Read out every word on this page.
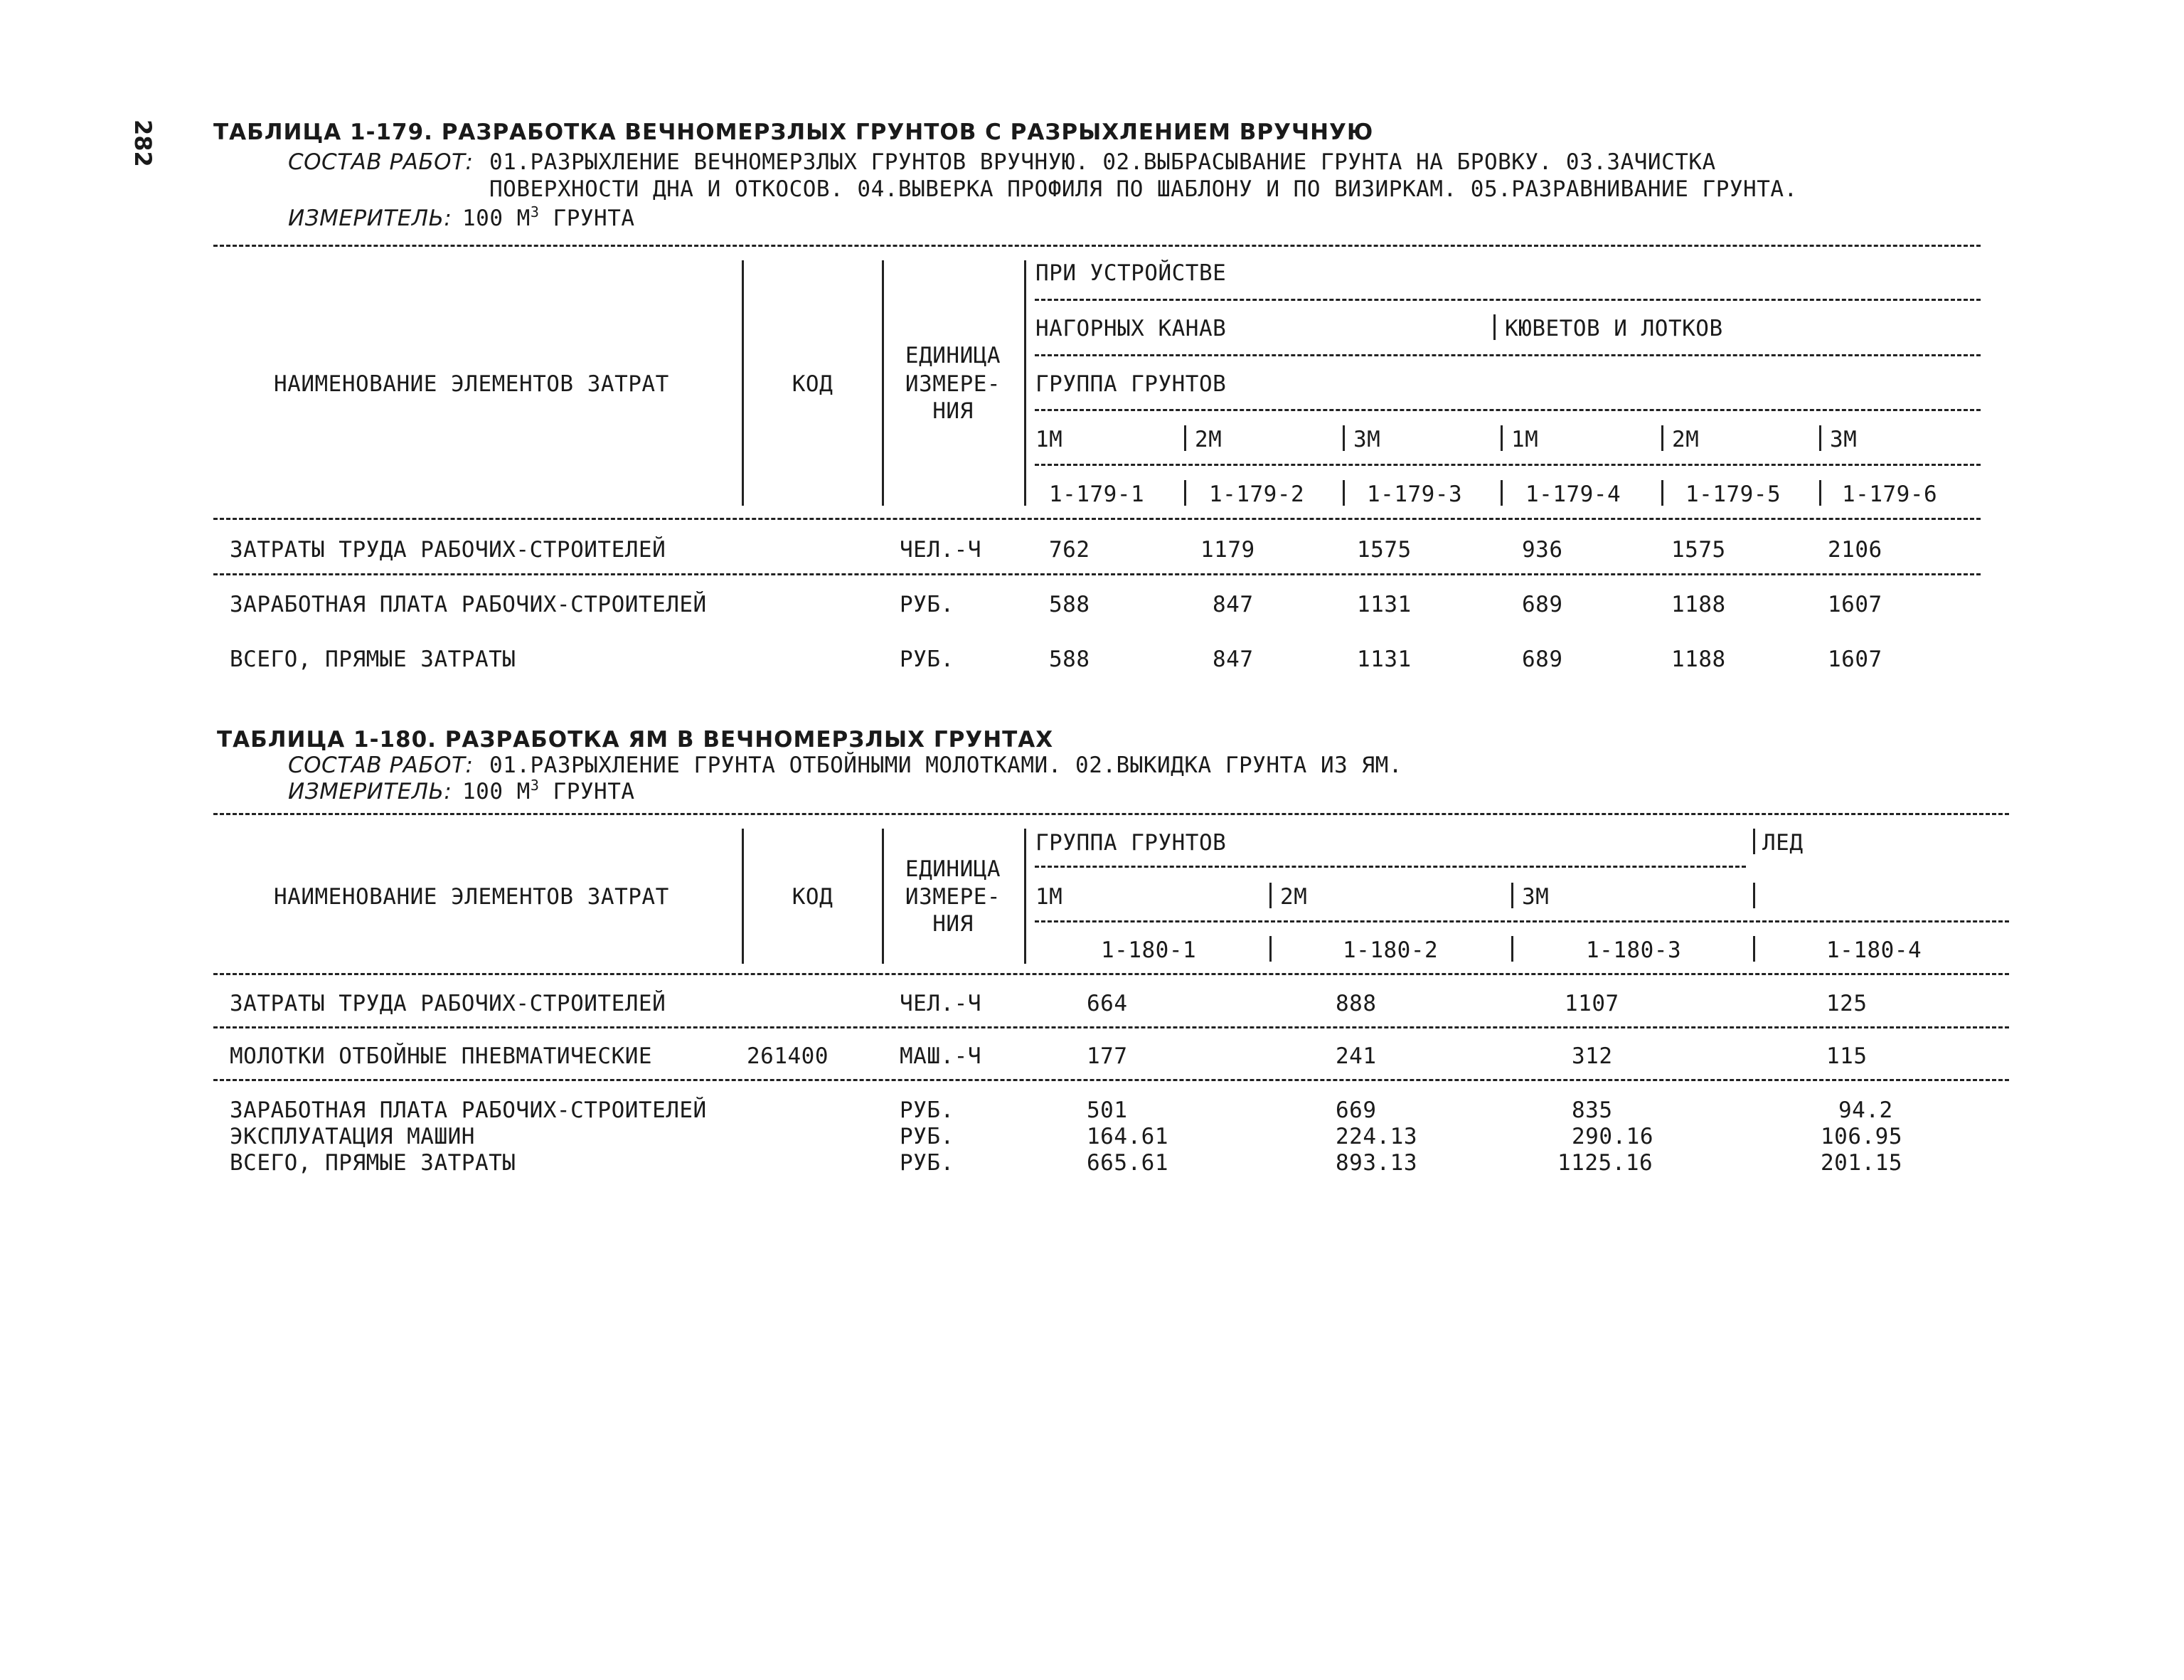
282	ТАБЛИЦА 1-179. РАЗРАБОТКА ВЕЧНОМЕРЗЛЫХ ГРУНТОВ С РАЗРЫХЛЕНИЕМ ВРУЧНУЮ
СОСТАВ РАБОТ: 01.РАЗРЫХЛЕНИЕ ВЕЧНОМЕРЗЛЫХ ГРУНТОВ ВРУЧНУЮ. 02.ВЫБРАСЫВАНИЕ ГРУНТА НА БРОВКУ. 03.ЗАЧИСТКА
ПОВЕРХНОСТИ ДНА И ОТКОСОВ. 04.ВЫВЕРКА ПРОФИЛЯ ПО ШАБЛОНУ И ПО ВИЗИРКАМ. 05.РАЗРАВНИВАНИЕ ГРУНТА.
ИЗМЕРИТЕЛЬ: 100 $М^3$ ГРУНТА
ПРИ УСТРОЙСТВЕ
НАГОРНЫХ КАНАВ	КЮВЕТОВ И ЛОТКОВ
ЕДИНИЦА
ИЗМЕРЕ-
НИЯ
НАИМЕНОВАНИЕ ЭЛЕМЕНТОВ ЗАТРАТ	КОД	ГРУППА ГРУНТОВ
1М	2М	3М	1М	2М	3М
1-179-1	1-179-2	1-179-3	1-179-4	1-179-5	1-179-6
ЗАТРАТЫ ТРУДА РАБОЧИХ-СТРОИТЕЛЕЙ	ЧЕЛ.-Ч	762	1179	1575	936	1575	2106
ЗАРАБОТНАЯ ПЛАТА РАБОЧИХ-СТРОИТЕЛЕЙ	РУБ.	588	847	1131	689	1188	1607
ВСЕГО, ПРЯМЫЕ ЗАТРАТЫ	РУБ.	588	847	1131	689	1188	1607
ТАБЛИЦА 1-180. РАЗРАБОТКА ЯМ В ВЕЧНОМЕРЗЛЫХ ГРУНТАХ
СОСТАВ РАБОТ: 01.РАЗРЫХЛЕНИЕ ГРУНТА ОТБОЙНЫМИ МОЛОТКАМИ. 02.ВЫКИДКА ГРУНТА ИЗ ЯМ.
ИЗМЕРИТЕЛЬ: 100 $М^3$ ГРУНТА
ГРУППА ГРУНТОВ	ЛЕД
ЕДИНИЦА
ИЗМЕРЕ-
НИЯ
НАИМЕНОВАНИЕ ЭЛЕМЕНТОВ ЗАТРАТ	КОД	1М	2М	3М
1-180-1	1-180-2	1-180-3	1-180-4
ЗАТРАТЫ ТРУДА РАБОЧИХ-СТРОИТЕЛЕЙ	ЧЕЛ.-Ч	664	888	1107	125
МОЛОТКИ ОТБОЙНЫЕ ПНЕВМАТИЧЕСКИЕ	261400	МАШ.-Ч	177	241	312	115
ЗАРАБОТНАЯ ПЛАТА РАБОЧИХ-СТРОИТЕЛЕЙ	РУБ.	501	669	835	94.2
ЭКСПЛУАТАЦИЯ МАШИН	РУБ.	164.61	224.13	290.16	106.95
ВСЕГО, ПРЯМЫЕ ЗАТРАТЫ	РУБ.	665.61	893.13	1125.16	201.15
